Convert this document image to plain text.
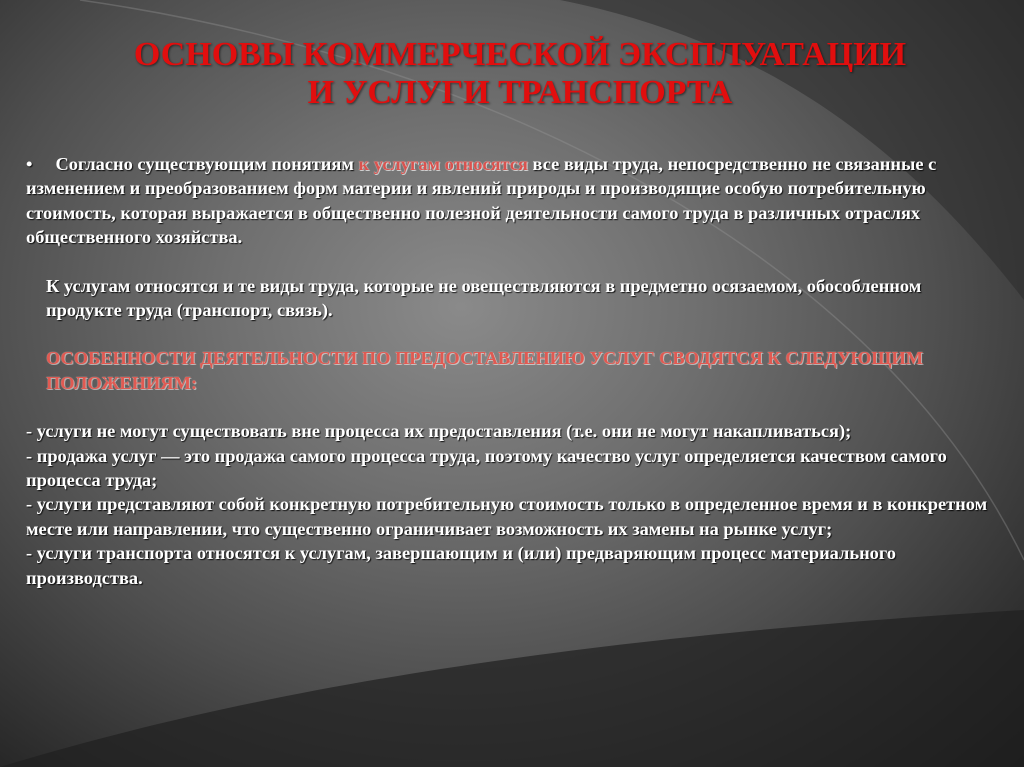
ОСНОВЫ КОММЕРЧЕСКОЙ ЭКСПЛУАТАЦИИ
И УСЛУГИ ТРАНСПОРТА

• Согласно существующим понятиям к услугам относятся все виды труда, непосредственно не связанные с изменением и преобразованием форм материи и явлений природы и производящие особую потребительную стоимость, которая выражается в общественно полезной деятельности самого труда в различных отраслях общественного хозяйства.

К услугам относятся и те виды труда, которые не овеществляются в предметно осязаемом, обособленном продукте труда (транспорт, связь).

ОСОБЕННОСТИ ДЕЯТЕЛЬНОСТИ ПО ПРЕДОСТАВЛЕНИЮ УСЛУГ СВОДЯТСЯ К СЛЕДУЮЩИМ ПОЛОЖЕНИЯМ:

- услуги не могут существовать вне процесса их предоставления (т.е. они не могут накапливаться);

- продажа услуг — это продажа самого процесса труда, поэтому качество услуг определяется качеством самого процесса труда;

- услуги представляют собой конкретную потребительную стоимость только в определенное время и в конкретном месте или направлении, что существенно ограничивает возможность их замены на рынке услуг;

- услуги транспорта относятся к услугам, завершающим и (или) предваряющим процесс материального производства.
